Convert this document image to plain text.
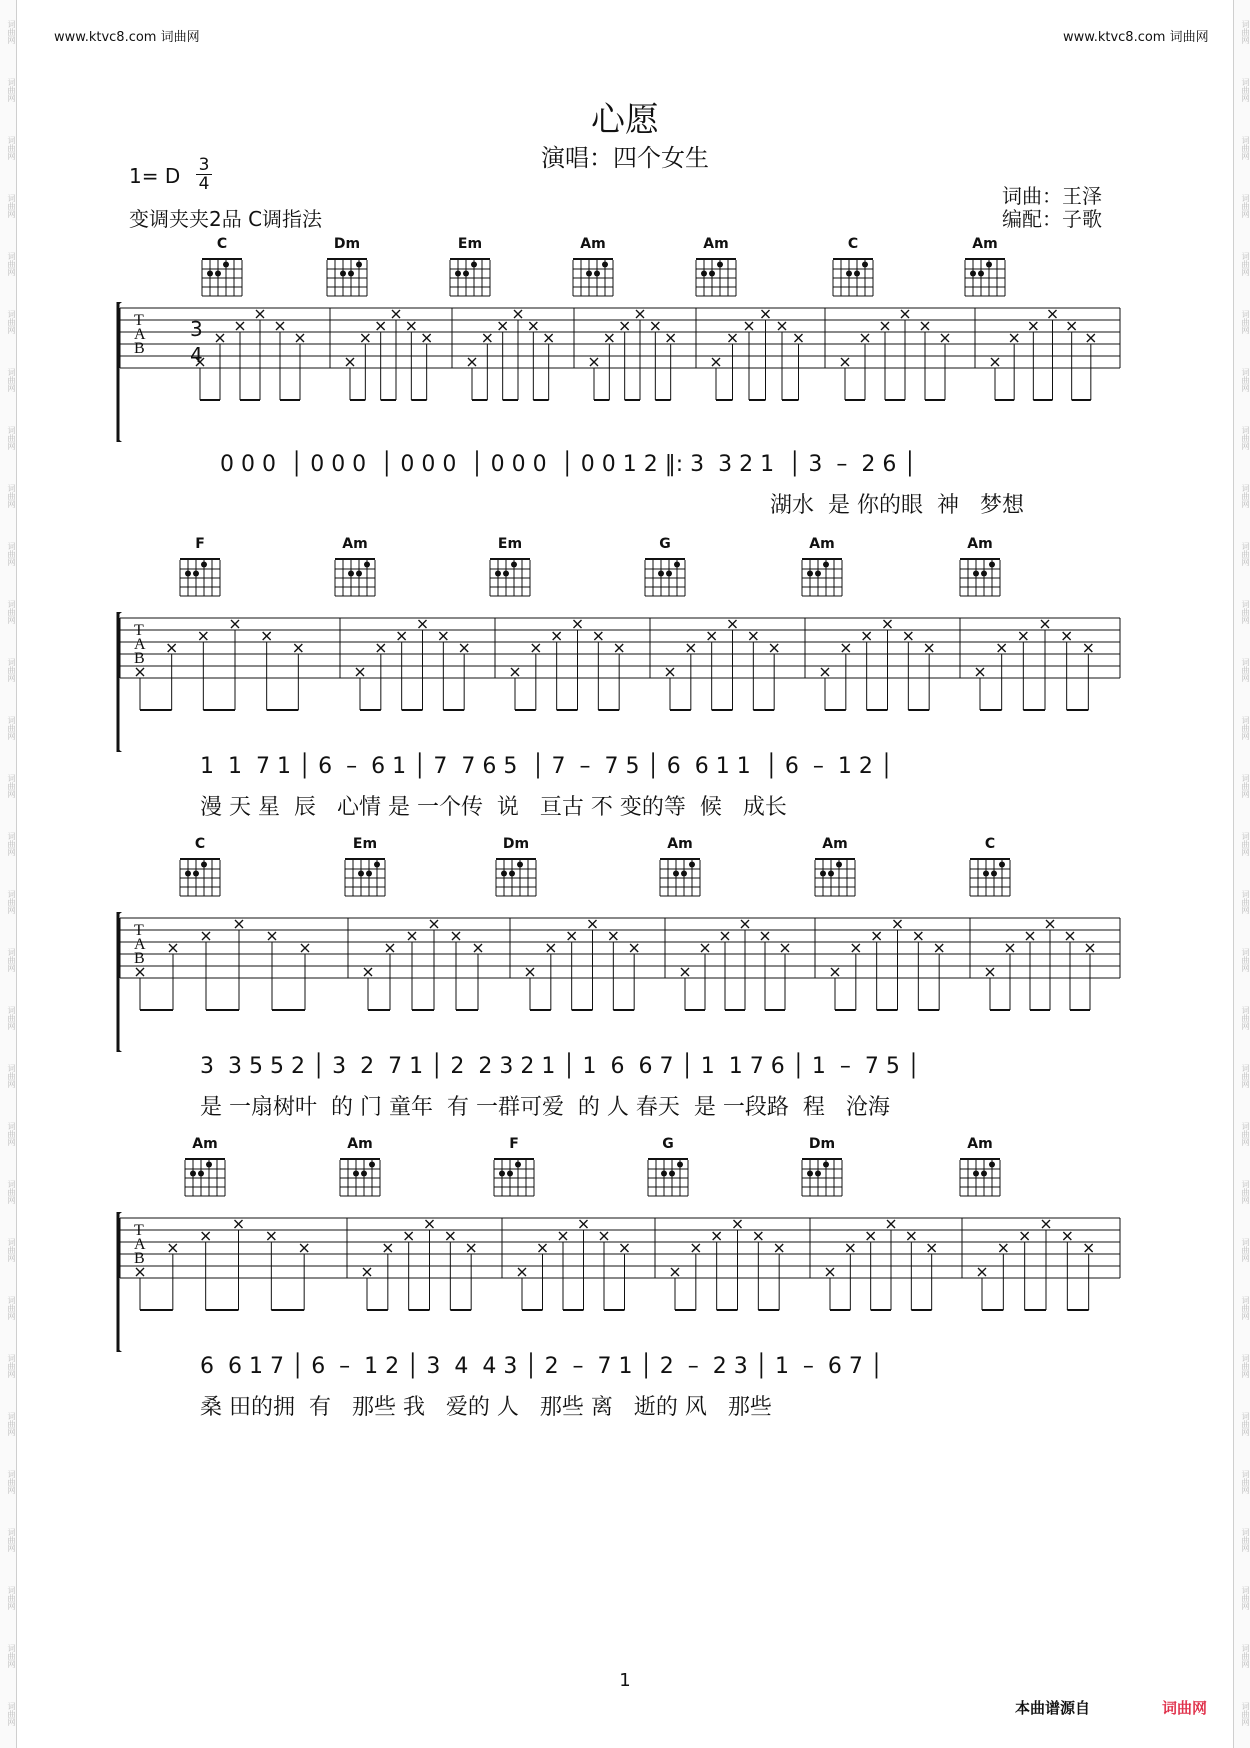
词曲网
词曲网
词曲网
词曲网
词曲网
词曲网
词曲网
词曲网
词曲网
词曲网
词曲网
词曲网
词曲网
词曲网
词曲网
词曲网
词曲网
词曲网
词曲网
词曲网
词曲网
词曲网
词曲网
词曲网
词曲网
词曲网
词曲网
词曲网
词曲网
词曲网
词曲网
词曲网
词曲网
词曲网
词曲网
词曲网
词曲网
词曲网
词曲网
词曲网
词曲网
词曲网
词曲网
词曲网
词曲网
词曲网
词曲网
词曲网
词曲网
词曲网
词曲网
词曲网
词曲网
词曲网
词曲网
词曲网
词曲网
词曲网
词曲网
词曲网
www.ktvc8.com 词曲网	www.ktvc8.com 词曲网
心愿
演唱：四个女生
1= D 3
4
变调夹夹2品 C调指法
词曲：王泽
编配：子歌
C	Dm	Em	Am	Am	C	Am
T
A
B
3
4
0 0 0  │ 0 0 0  │ 0 0 0  │ 0 0 0  │ 0 0 1 2 ‖: 3  3 2 1  │ 3  –  2 6 │
湖水  是 你的眼  神   梦想
F	Am	Em	G	Am	Am
T
A
B
1  1  7 1 │ 6  –  6 1 │ 7  7 6 5  │ 7  –  7 5 │ 6  6 1 1  │ 6  –  1 2 │
漫 天 星  辰   心情 是 一个传  说   亘古 不 变的等  候   成长
C	Em	Dm	Am	Am	C
T
A
B
3  3 5 5 2 │ 3  2  7 1 │ 2  2 3 2 1 │ 1  6  6 7 │ 1  1 7 6 │ 1  –  7 5 │
是 一扇树叶  的 门 童年  有 一群可爱  的 人 春天  是 一段路  程   沧海
Am	Am	F	G	Dm	Am
T
A
B
6  6 1 7 │ 6  –  1 2 │ 3  4  4 3 │ 2  –  7 1 │ 2  –  2 3 │ 1  –  6 7 │
桑 田的拥  有   那些 我   爱的 人   那些 离   逝的 风   那些
1
本曲谱源自	词曲网
